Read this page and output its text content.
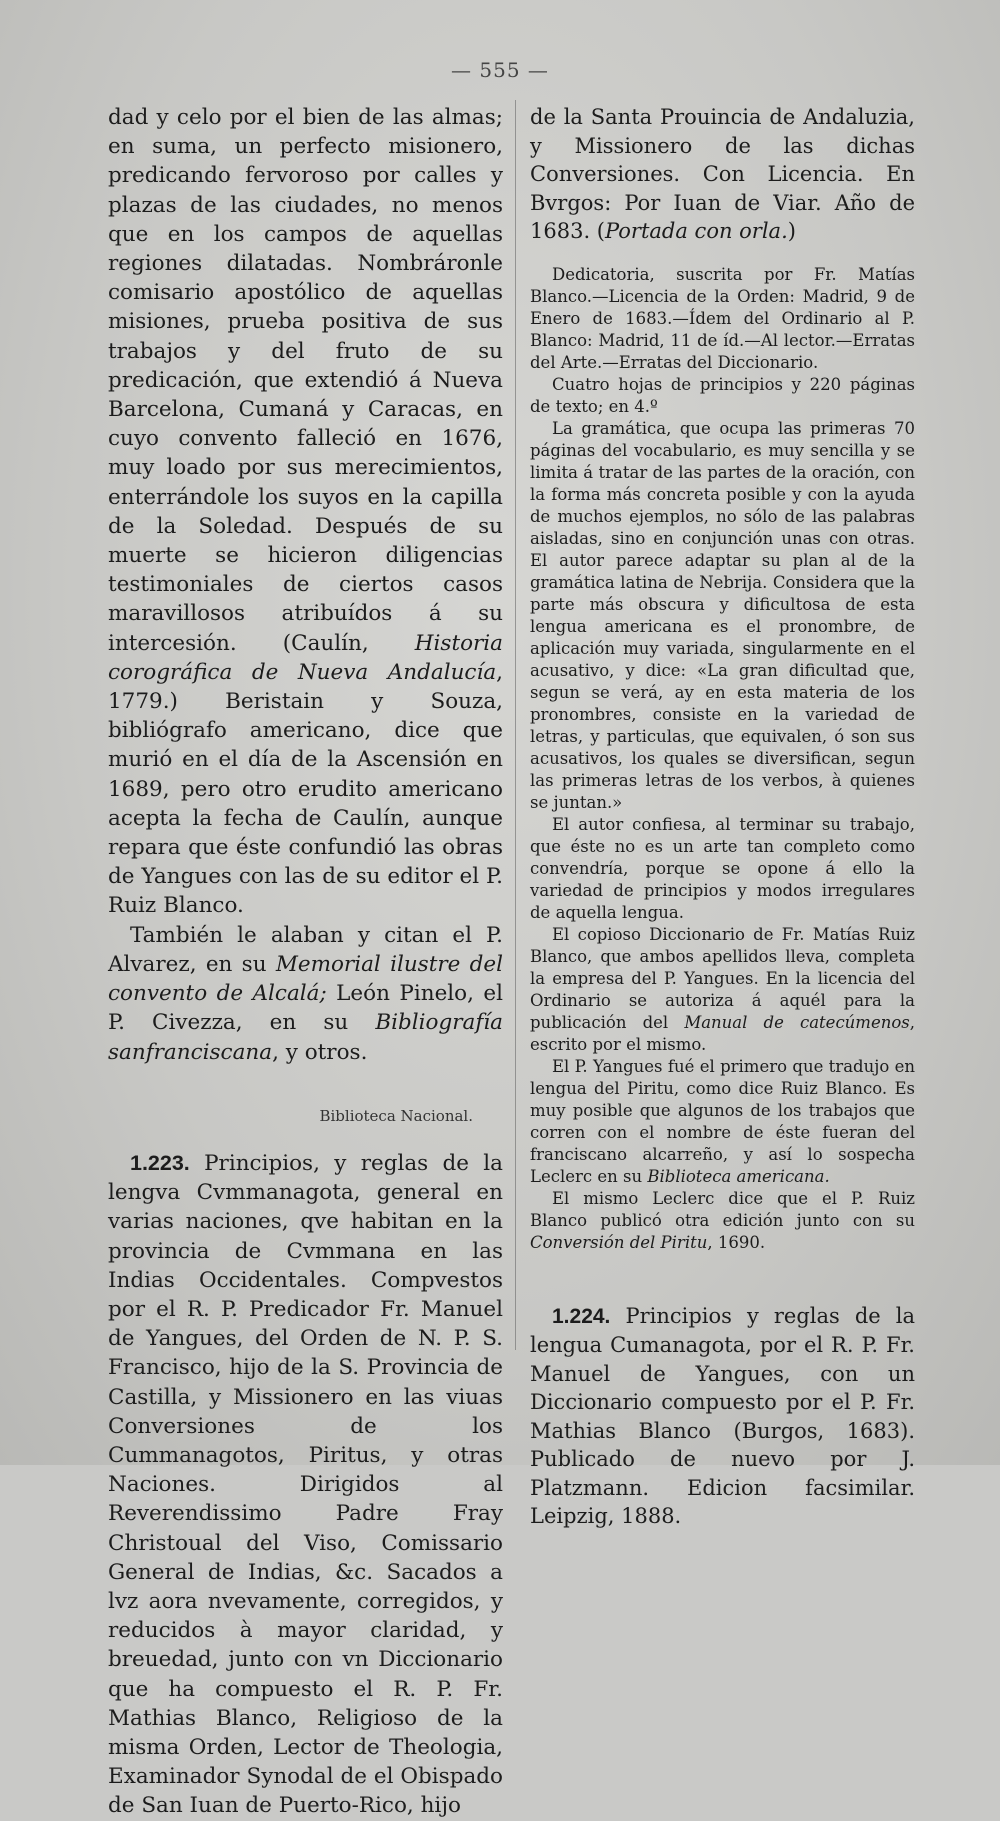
— 555 —

dad y celo por el bien de las almas; en suma, un perfecto misionero, predicando fervoroso por calles y plazas de las ciudades, no menos que en los campos de aquellas regiones dilatadas. Nombráronle comisario apostólico de aquellas misiones, prueba positiva de sus trabajos y del fruto de su predicación, que extendió á Nueva Barcelona, Cumaná y Caracas, en cuyo convento falleció en 1676, muy loado por sus merecimientos, enterrándole los suyos en la capilla de la Soledad. Después de su muerte se hicieron diligencias testimoniales de ciertos casos maravillosos atribuídos á su intercesión. (Caulín, Historia corográfica de Nueva Andalucía, 1779.) Beristain y Souza, bibliógrafo americano, dice que murió en el día de la Ascensión en 1689, pero otro erudito americano acepta la fecha de Caulín, aunque repara que éste confundió las obras de Yangues con las de su editor el P. Ruiz Blanco.

También le alaban y citan el P. Alvarez, en su Memorial ilustre del convento de Alcalá; León Pinelo, el P. Civezza, en su Bibliografía sanfranciscana, y otros.

Biblioteca Nacional.

1.223. Principios, y reglas de la lengva Cvmmanagota, general en varias naciones, qve habitan en la provincia de Cvmmana en las Indias Occidentales. Compvestos por el R. P. Predicador Fr. Manuel de Yangues, del Orden de N. P. S. Francisco, hijo de la S. Provincia de Castilla, y Missionero en las viuas Conversiones de los Cummanagotos, Piritus, y otras Naciones. Dirigidos al Reverendissimo Padre Fray Christoual del Viso, Comissario General de Indias, &c. Sacados a lvz aora nvevamente, corregidos, y reducidos à mayor claridad, y breuedad, junto con vn Diccionario que ha compuesto el R. P. Fr. Mathias Blanco, Religioso de la misma Orden, Lector de Theologia, Examinador Synodal de el Obispado de San Iuan de Puerto-Rico, hijo

de la Santa Prouincia de Andaluzia, y Missionero de las dichas Conversiones. Con Licencia. En Bvrgos: Por Iuan de Viar. Año de 1683. (Portada con orla.)

Dedicatoria, suscrita por Fr. Matías Blanco.—Licencia de la Orden: Madrid, 9 de Enero de 1683.—Ídem del Ordinario al P. Blanco: Madrid, 11 de íd.—Al lector.—Erratas del Arte.—Erratas del Diccionario.

Cuatro hojas de principios y 220 páginas de texto; en 4.º

La gramática, que ocupa las primeras 70 páginas del vocabulario, es muy sencilla y se limita á tratar de las partes de la oración, con la forma más concreta posible y con la ayuda de muchos ejemplos, no sólo de las palabras aisladas, sino en conjunción unas con otras. El autor parece adaptar su plan al de la gramática latina de Nebrija. Considera que la parte más obscura y dificultosa de esta lengua americana es el pronombre, de aplicación muy variada, singularmente en el acusativo, y dice: «La gran dificultad que, segun se verá, ay en esta materia de los pronombres, consiste en la variedad de letras, y particulas, que equivalen, ó son sus acusativos, los quales se diversifican, segun las primeras letras de los verbos, à quienes se juntan.»

El autor confiesa, al terminar su trabajo, que éste no es un arte tan completo como convendría, porque se opone á ello la variedad de principios y modos irregulares de aquella lengua.

El copioso Diccionario de Fr. Matías Ruiz Blanco, que ambos apellidos lleva, completa la empresa del P. Yangues. En la licencia del Ordinario se autoriza á aquél para la publicación del Manual de catecúmenos, escrito por el mismo.

El P. Yangues fué el primero que tradujo en lengua del Piritu, como dice Ruiz Blanco. Es muy posible que algunos de los trabajos que corren con el nombre de éste fueran del franciscano alcarreño, y así lo sospecha Leclerc en su Biblioteca americana.

El mismo Leclerc dice que el P. Ruiz Blanco publicó otra edición junto con su Conversión del Piritu, 1690.

1.224. Principios y reglas de la lengua Cumanagota, por el R. P. Fr. Manuel de Yangues, con un Diccionario compuesto por el P. Fr. Mathias Blanco (Burgos, 1683). Publicado de nuevo por J. Platzmann. Edicion facsimilar. Leipzig, 1888.
